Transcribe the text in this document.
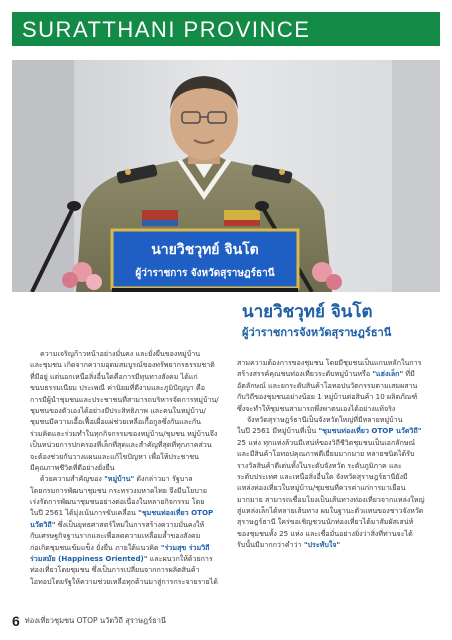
SURATTHANI PROVINCE
นายวิชวุทย์ จินโต
ผู้ว่าราชการ จังหวัดสุราษฎร์ธานี
นายวิชวุทย์ จินโต
ผู้ว่าราชการจังหวัดสุราษฎร์ธานี
ความเจริญก้าวหน้าอย่างมั่นคง และยั่งยืนของหมู่บ้าน
และชุมชน เกิดจากความอุดมสมบูรณ์ของทรัพยากรธรรมชาติ
ที่มีอยู่ แต่นอกเหนือสิ่งอื่นใดคือการมีทุนทางสังคม ได้แก่
ขนบธรรมเนียม ประเพณี ค่านิยมที่ดีงามและภูมิปัญญา คือ
การมีผู้นำชุมชนและประชาชนที่สามารถบริหารจัดการหมู่บ้าน/
ชุมชนของตัวเองได้อย่างมีประสิทธิภาพ และคนในหมู่บ้าน/
ชุมชนมีความเอื้อเฟื้อเผื่อแผ่ช่วยเหลือเกื้อกูลซึ่งกันและกัน
ร่วมคิดและร่วมทำในทุกกิจกรรมของหมู่บ้าน/ชุมชน หมู่บ้านจึง
เป็นหน่วยการปกครองที่เล็กที่สุดและสำคัญที่สุดที่ทุกภาคส่วน
จะต้องช่วยกันวางแผนและแก้ไขปัญหา เพื่อให้ประชาชน
มีคุณภาพชีวิตที่ดีอย่างยั่งยืน
ด้วยความสำคัญของ "หมู่บ้าน" ดังกล่าวมา รัฐบาล
โดยกรมการพัฒนาชุมชน กระทรวงมหาดไทย จึงมีนโยบาย
เร่งรัดการพัฒนาชุมชนอย่างต่อเนื่องในหลายกิจกรรม โดย
ในปี 2561 ได้มุ่งเน้นการขับเคลื่อน "ชุมชนท่องเที่ยว OTOP
นวัตวิถี" ซึ่งเป็นยุทธศาสตร์ใหม่ในการสร้างความมั่นคงให้
กับเศรษฐกิจฐานรากและเพื่อลดความเหลื่อมล้ำของสังคม
ก่อเกิดชุมชนเข้มแข็ง ยั่งยืน ภายใต้แนวคิด "ร่วมสุข ร่วมวิถี
ร่วมสมัย (Happiness Oriented)" และผนวกให้ด้วยการ
ท่องเที่ยวโดยชุมชน ซึ่งเป็นการเปลี่ยนจากการผลิตสินค้า
โอทอปโดยรัฐให้ความช่วยเหลือทุกด้านมาสู่การกระจายรายได้
สามความต้องการของชุมชน โดยมีชุมชนเป็นแกนหลักในการ
สร้างสรรค์คุณชนท่องเที่ยวระดับหมู่บ้านหรือ "แฮ่งเล็ก" ที่มี
อัตลักษณ์ และยกระดับสินค้าโอทอปนวัตกรรมตามเสมผสาน
กับวิถีของชุมชนอย่างน้อย 1 หมู่บ้านต่อสินค้า 10 ผลิตภัณฑ์
ซึ่งจะทำให้ชุมชนสามารถพึ่งพาตนเองได้อย่างแท้จริง
จังหวัดสุราษฎร์ธานีเป็นจังหวัดใหญ่ที่มีหลายหมู่บ้าน
ในปี 2561 มีหมู่บ้านที่เป็น "ชุมชนท่องเที่ยว OTOP นวัตวิถี"
25 แห่ง ทุกแห่งล้วนมีเสน่ห์ของวิถีชีวิตชุมชนเป็นเอกลักษณ์
และมีสินค้าโอทอปคุณภาพดีเยี่ยมมากมาย หลายชนิดได้รับ
รางวัลสินค้าดีเด่นทั้งในระดับจังหวัด ระดับภูมิภาค และ
ระดับประเทศ และเหนือสิ่งอื่นใด จังหวัดสุราษฎร์ธานียังมี
แหล่งท่องเที่ยวในหมู่บ้าน/ชุมชนที่ควรค่าแก่การมาเยือน
มากมาย สามารถเชื่อมโยงเป็นเส้นทางท่องเที่ยวจากแหล่งใหญ่
สู่แหล่งเล็กได้หลายเส้นทาง ผมในฐานะตัวแทนของชาวจังหวัด
สุราษฎร์ธานี ใคร่ขอเชิญชวนนักท่องเที่ยวได้มาสัมผัสเสน่ห์
ของชุมชนทั้ง 25 แห่ง และเชื่อมั่นอย่างยิ่งว่าสิ่งที่ท่านจะได้
รับนั้นมีมากกว่าคำว่า "ประทับใจ"
6 ท่องเที่ยวชุมชน OTOP นวัตวิถี สุราษฎร์ธานี
